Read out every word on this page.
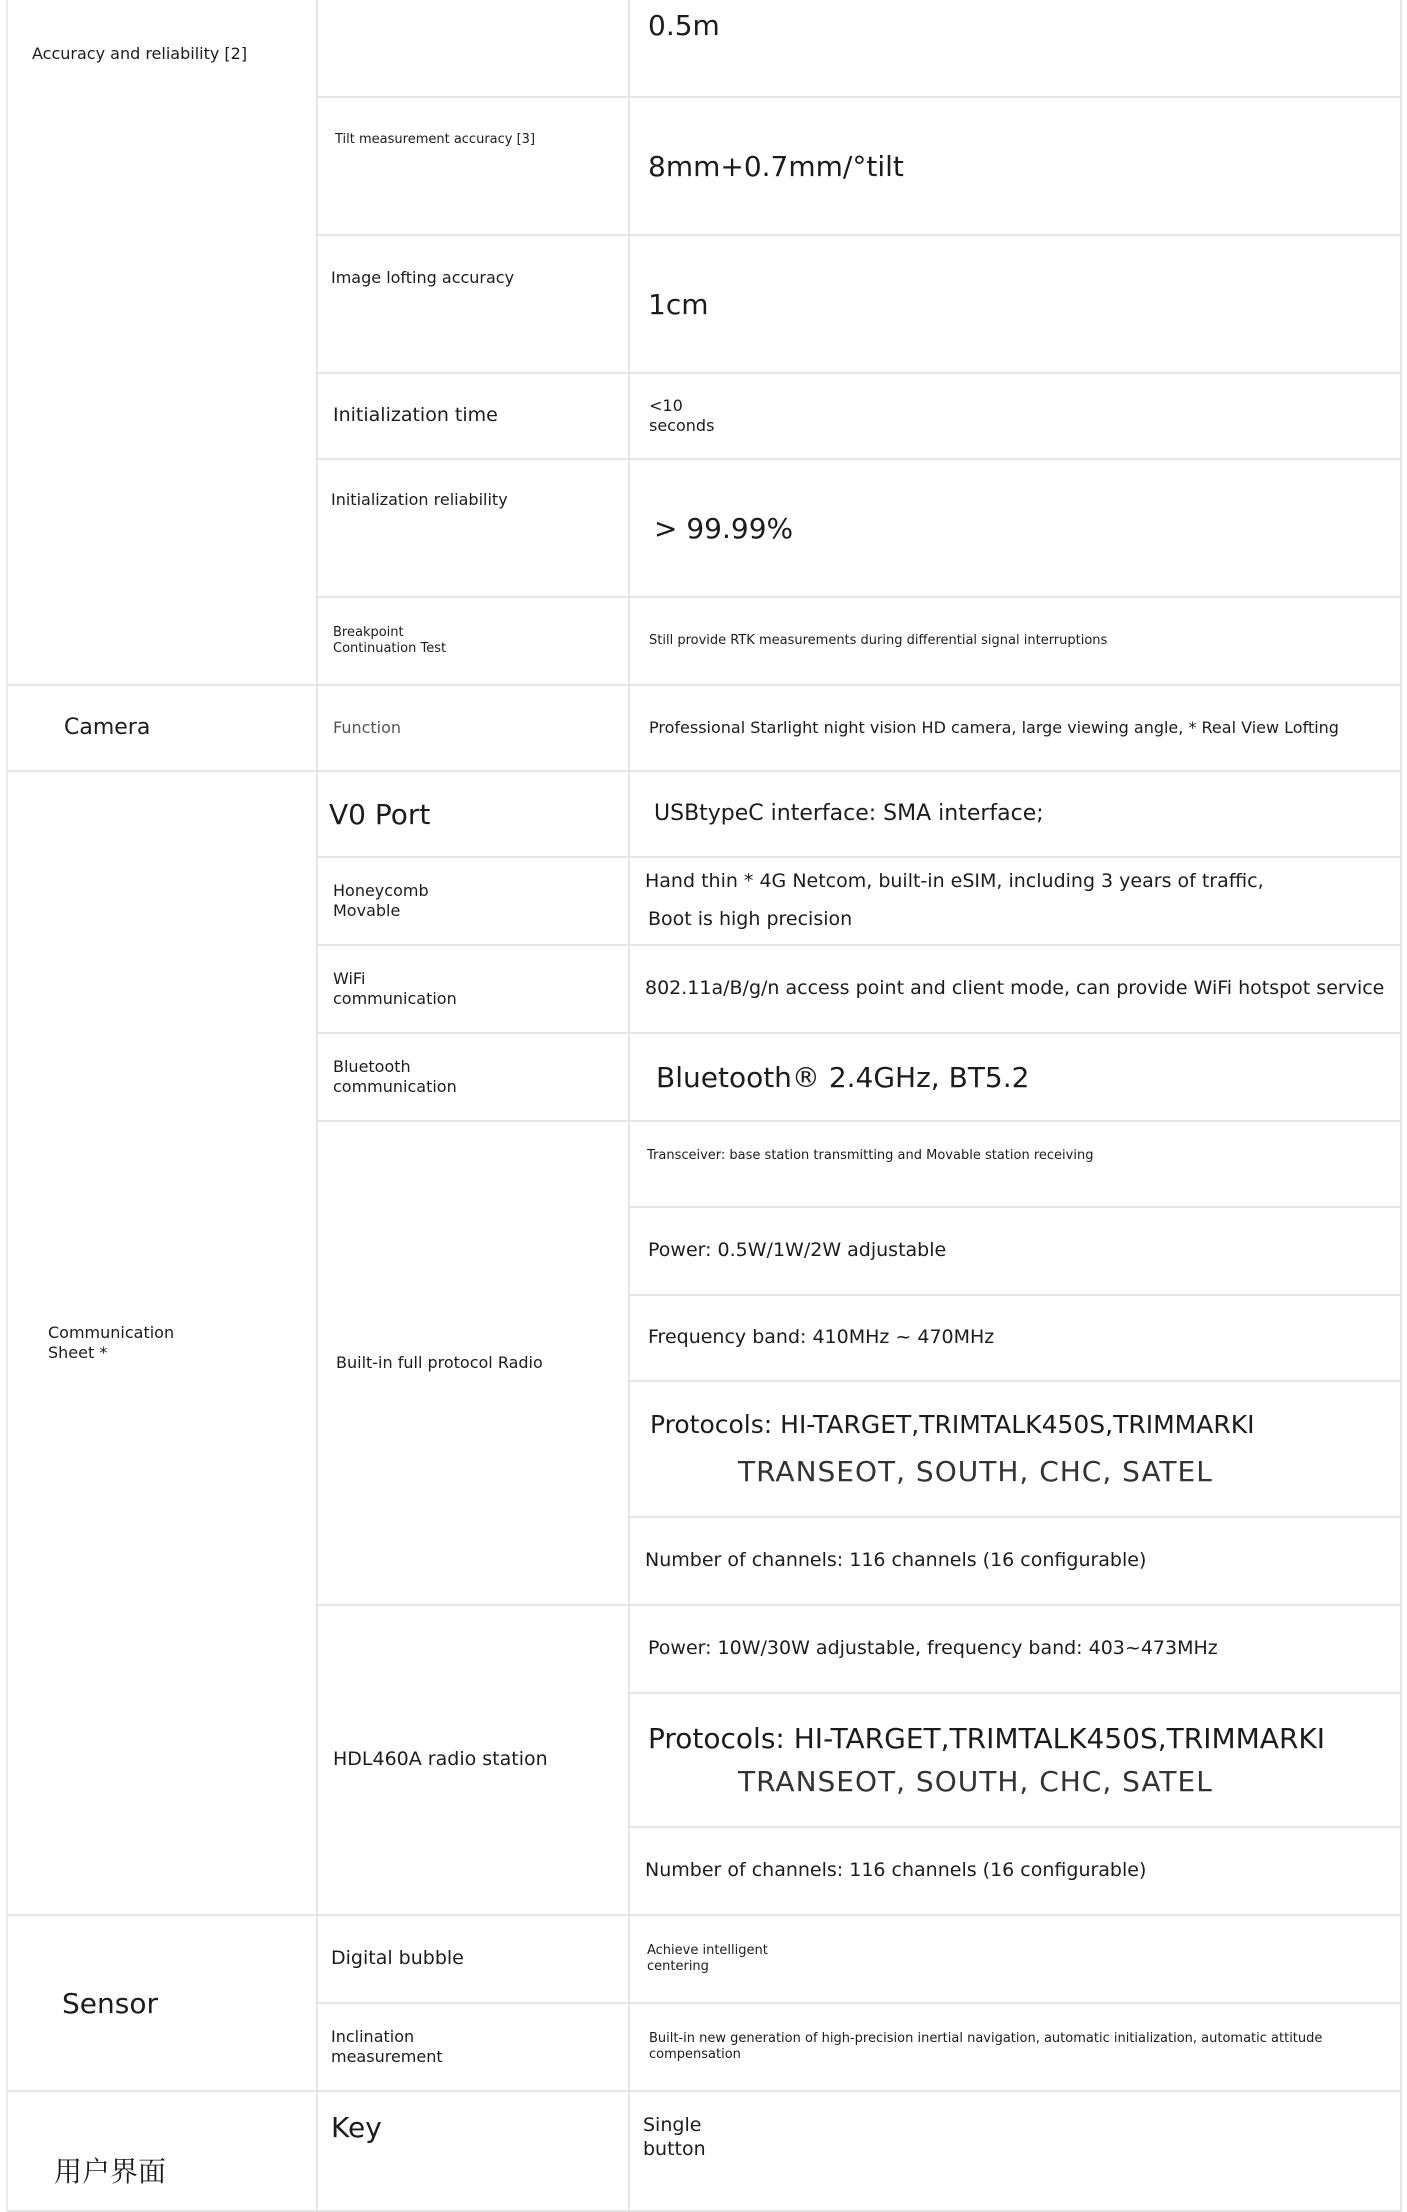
Accuracy and reliability [2]
Camera
Communication
Sheet *
Sensor
用户界面
Tilt measurement accuracy [3]
Image lofting accuracy
Initialization time
Initialization reliability
Breakpoint
Continuation Test
Function
V0 Port
Honeycomb
Movable
WiFi
communication
Bluetooth
communication
Built-in full protocol Radio
HDL460A radio station
Digital bubble
Inclination
measurement
Key
0.5m
8mm+0.7mm/°tilt
1cm
<10
seconds
> 99.99%
Still provide RTK measurements during differential signal interruptions
Professional Starlight night vision HD camera, large viewing angle, * Real View Lofting
USBtypeC interface: SMA interface;
Hand thin * 4G Netcom, built-in eSIM, including 3 years of traffic,
Boot is high precision
802.11a/B/g/n access point and client mode, can provide WiFi hotspot service
Bluetooth® 2.4GHz, BT5.2
Transceiver: base station transmitting and Movable station receiving
Power: 0.5W/1W/2W adjustable
Frequency band: 410MHz ~ 470MHz
Protocols: HI-TARGET,TRIMTALK450S,TRIMMARKI
TRANSEOT, SOUTH, CHC, SATEL
Number of channels: 116 channels (16 configurable)
Power: 10W/30W adjustable, frequency band: 403~473MHz
Protocols: HI-TARGET,TRIMTALK450S,TRIMMARKI
TRANSEOT, SOUTH, CHC, SATEL
Number of channels: 116 channels (16 configurable)
Achieve intelligent
centering
Built-in new generation of high-precision inertial navigation, automatic initialization, automatic attitude
compensation
Single
button
